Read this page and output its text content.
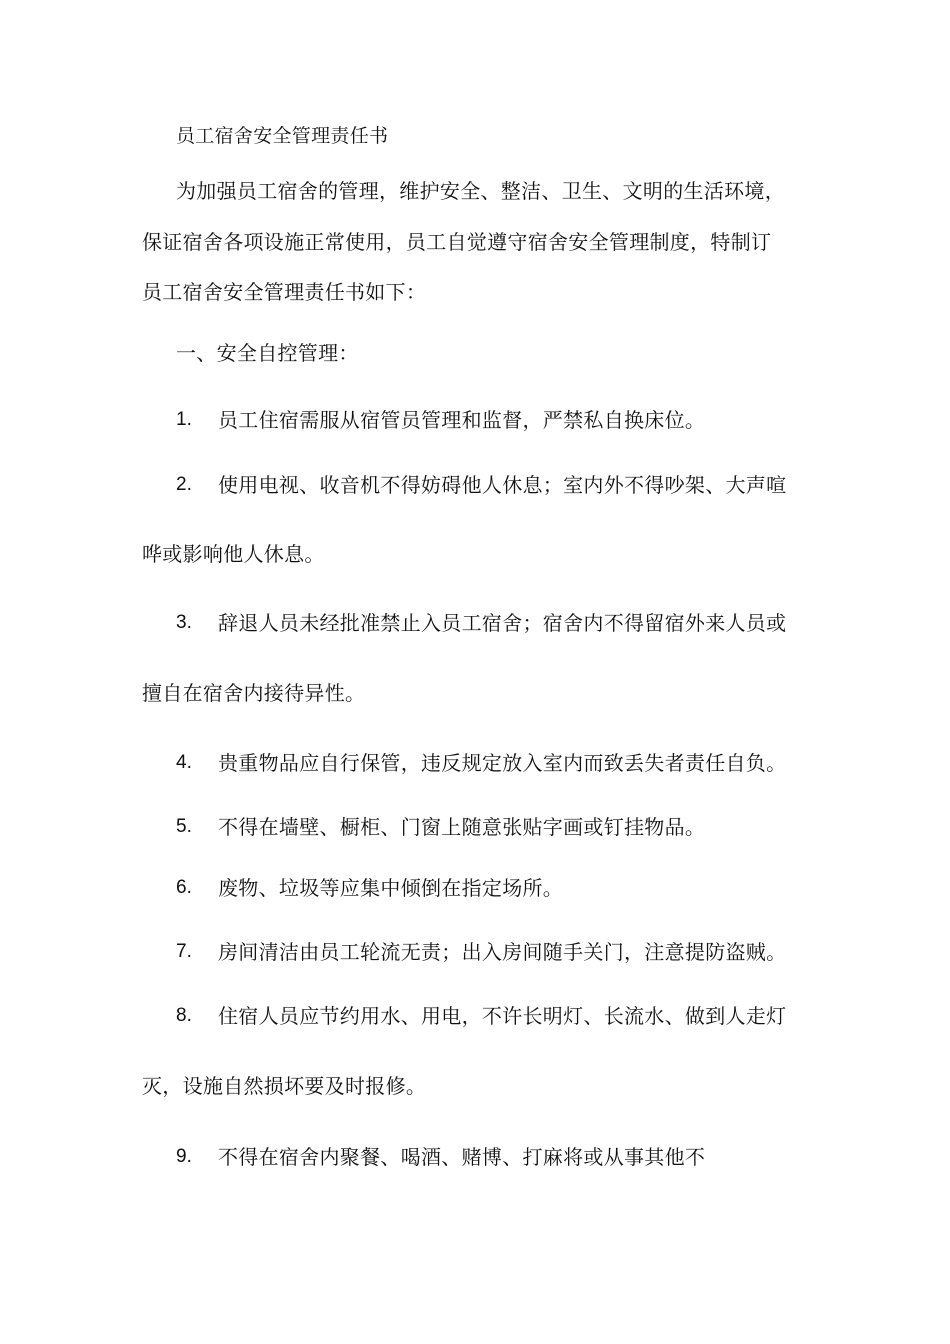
员工宿舍安全管理责任书
为加强员工宿舍的管理，维护安全、整洁、卫生、文明的生活环境，
保证宿舍各项设施正常使用，员工自觉遵守宿舍安全管理制度，特制订
员工宿舍安全管理责任书如下：
一、安全自控管理：
1. 员工住宿需服从宿管员管理和监督，严禁私自换床位。
2. 使用电视、收音机不得妨碍他人休息；室内外不得吵架、大声喧
哗或影响他人休息。
3. 辞退人员未经批准禁止入员工宿舍；宿舍内不得留宿外来人员或
擅自在宿舍内接待异性。
4. 贵重物品应自行保管，违反规定放入室内而致丢失者责任自负。
5. 不得在墙壁、橱柜、门窗上随意张贴字画或钉挂物品。
6. 废物、垃圾等应集中倾倒在指定场所。
7. 房间清洁由员工轮流无责；出入房间随手关门，注意提防盗贼。
8. 住宿人员应节约用水、用电，不许长明灯、长流水、做到人走灯
灭，设施自然损坏要及时报修。
9. 不得在宿舍内聚餐、喝酒、赌博、打麻将或从事其他不
